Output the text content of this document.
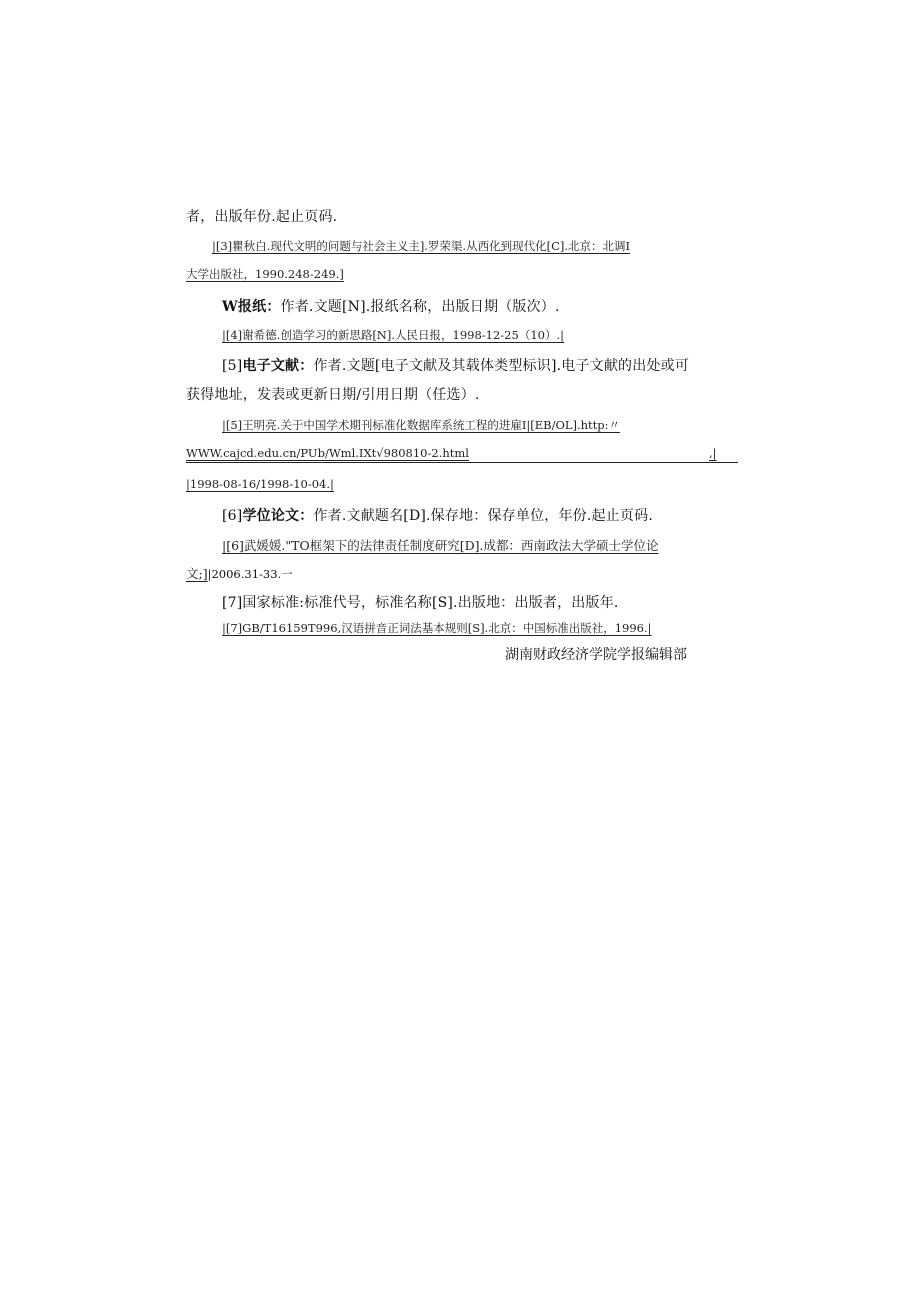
者，出版年份.起止页码.
|[3]瞿秋白.现代文明的问题与社会主义主].罗荣渠.从西化到现代化[C].北京：北调I
大学出版社，1990.248-249.]
W报纸：作者.文题[N].报纸名称，出版日期（版次）.
|[4]谢希德.创造学习的新思路[N].人民日报，1998-12-25（10）.|
[5]电子文献：作者.文题[电子文献及其载体类型标识].电子文献的出处或可
获得地址，发表或更新日期/引用日期（任选）.
|[5]王明亮.关于中国学术期刊标准化数据库系统工程的进雇I|[EB/OL].http:〃
WWW.cajcd.edu.cn/PUb/Wml.IXt√980810-2.html	,|
|1998-08-16/1998-10-04.|
[6]学位论文：作者.文献题名[D].保存地：保存单位，年份.起止页码.
|[6]武媛媛."TO框架下的法律责任制度研究[D].成都：西南政法大学硕士学位论
文;]|2006.31-33.一
[7]国家标准:标准代号，标准名称[S].出版地：出版者，出版年.
|[7]GB/T16159T996,汉语拼音正词法基本规则[S].北京：中国标准出版社，1996.|
湖南财政经济学院学报编辑部
